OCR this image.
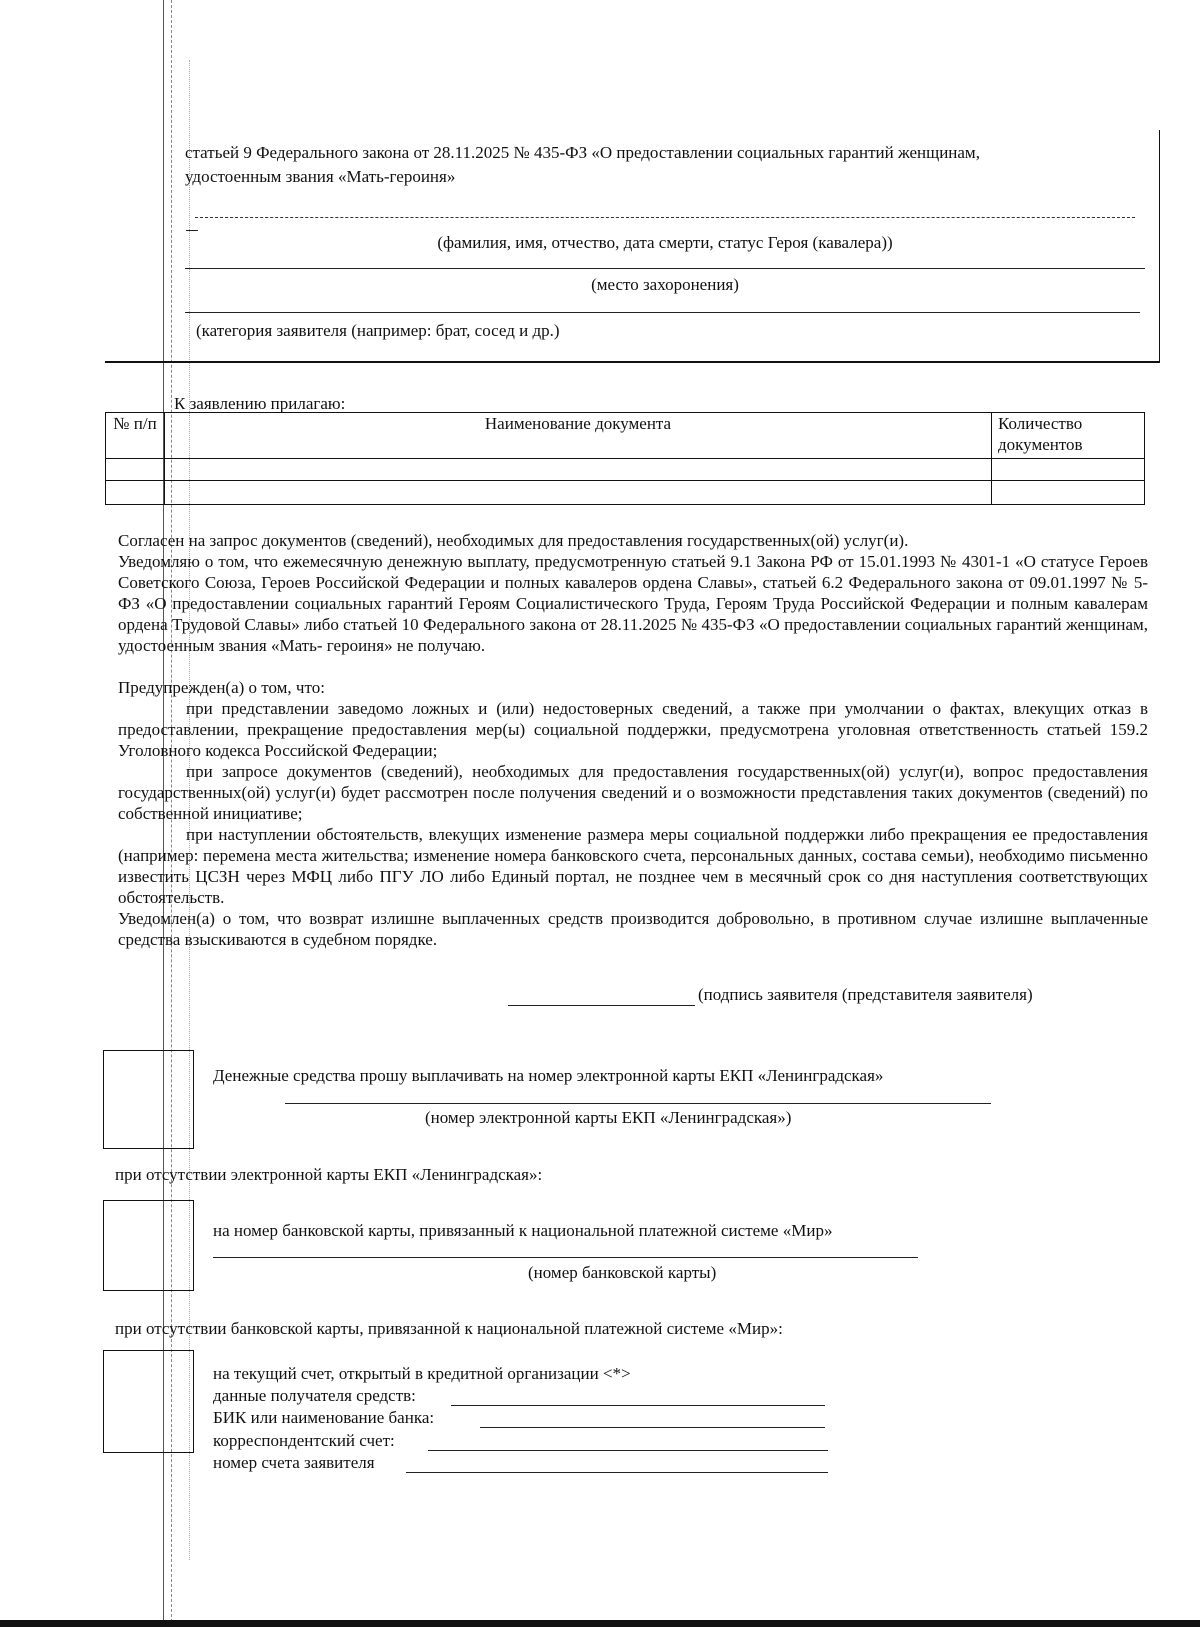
статьей 9 Федерального закона от 28.11.2025 № 435-ФЗ «О предоставлении социальных гарантий женщинам,
удостоенным звания «Мать-героиня»
(фамилия, имя, отчество, дата смерти, статус Героя (кавалера))
(место захоронения)
(категория заявителя (например: брат, сосед и др.)
К заявлению прилагаю:
№ п/п	Наименование документа	Количество документов

Согласен на запрос документов (сведений), необходимых для предоставления государственных(ой) услуг(и).
Уведомляю о том, что ежемесячную денежную выплату, предусмотренную статьей 9.1 Закона РФ от 15.01.1993 № 4301-1 «О статусе Героев Советского Союза, Героев Российской Федерации и полных кавалеров ордена Славы», статьей 6.2 Федерального закона от 09.01.1997 № 5-ФЗ «О предоставлении социальных гарантий Героям Социалистического Труда, Героям Труда Российской Федерации и полным кавалерам ордена Трудовой Славы» либо статьей 10 Федерального закона от 28.11.2025 № 435-ФЗ «О предоставлении социальных гарантий женщинам, удостоенным звания «Мать- героиня» не получаю.
Предупрежден(а) о том, что:
при представлении заведомо ложных и (или) недостоверных сведений, а также при умолчании о фактах, влекущих отказ в предоставлении, прекращение предоставления мер(ы) социальной поддержки, предусмотрена уголовная ответственность статьей 159.2 Уголовного кодекса Российской Федерации;
при запросе документов (сведений), необходимых для предоставления государственных(ой) услуг(и), вопрос предоставления государственных(ой) услуг(и) будет рассмотрен после получения сведений и о возможности представления таких документов (сведений) по собственной инициативе;
при наступлении обстоятельств, влекущих изменение размера меры социальной поддержки либо прекращения ее предоставления (например: перемена места жительства; изменение номера банковского счета, персональных данных, состава семьи), необходимо письменно известить ЦСЗН через МФЦ либо ПГУ ЛО либо Единый портал, не позднее чем в месячный срок со дня наступления соответствующих обстоятельств.
Уведомлен(а) о том, что возврат излишне выплаченных средств производится добровольно, в противном случае излишне выплаченные средства взыскиваются в судебном порядке.
(подпись заявителя (представителя заявителя)
Денежные средства прошу выплачивать на номер электронной карты ЕКП «Ленинградская»
(номер электронной карты ЕКП «Ленинградская»)
при отсутствии электронной карты ЕКП «Ленинградская»:
на номер банковской карты, привязанный к национальной платежной системе «Мир»
(номер банковской карты)
при отсутствии банковской карты, привязанной к национальной платежной системе «Мир»:
на текущий счет, открытый в кредитной организации <*>
данные получателя средств:
БИК или наименование банка:
корреспондентский счет:
номер счета заявителя
